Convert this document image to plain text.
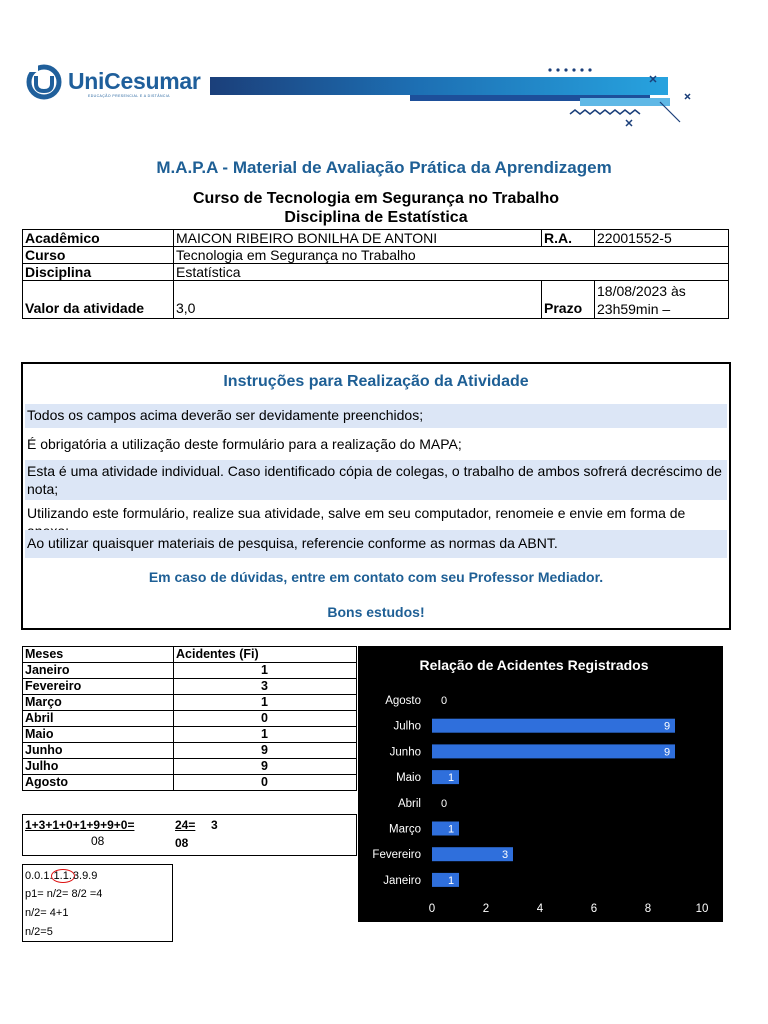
UniCesumar
EDUCAÇÃO PRESENCIAL E A DISTÂNCIA
M.A.P.A - Material de Avaliação Prática da Aprendizagem
Curso de Tecnologia em Segurança no Trabalho
Disciplina de Estatística
Acadêmico	MAICON RIBEIRO BONILHA DE ANTONI	R.A.	22001552-5
Curso	Tecnologia em Segurança no Trabalho		
Disciplina	Estatística		
Valor da atividade	3,0	Prazo	18/08/2023 às
23h59min –
Instruções para Realização da Atividade
Todos os campos acima deverão ser devidamente preenchidos;
É obrigatória a utilização deste formulário para a realização do MAPA;
Esta é uma atividade individual. Caso identificado cópia de colegas, o trabalho de ambos sofrerá decréscimo de nota;
Utilizando este formulário, realize sua atividade, salve em seu computador, renomeie e envie em forma de
Ao utilizar quaisquer materiais de pesquisa, referencie conforme as normas da ABNT.
Em caso de dúvidas, entre em contato com seu Professor Mediador.
Bons estudos!
Meses	Acidentes (Fi)
Janeiro	1
Fevereiro	3
Março	1
Abril	0
Maio	1
Junho	9
Julho	9
Agosto	0
1+3+1+0+1+9+9+0=	24= 3
08	08
0.0.1.1.1.3.9.9
p1= n/2= 8/2 =4
n/2= 4+1
n/2=5
Relação de Acidentes Registrados
Agosto 0
Julho	9
Junho	9
Maio 1
Abril 0
Março 1
Fevereiro	3
Janeiro 1
0	2	4	6	8	10
